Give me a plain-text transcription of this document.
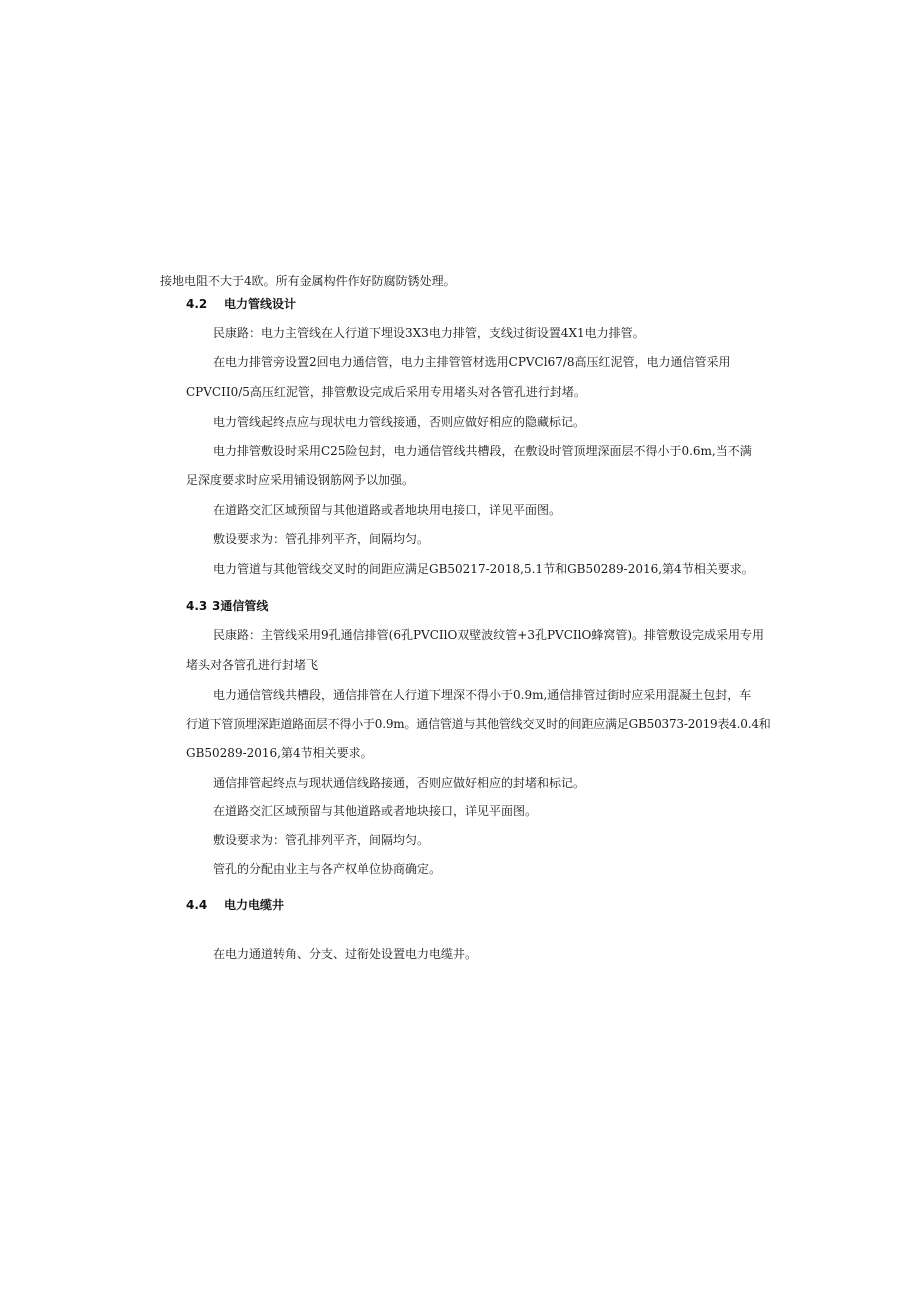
接地电阻不大于4欧。所有金属构件作好防腐防锈处理。
4.2 电力管线设计
民康路：电力主管线在人行道下埋设3X3电力排管，支线过街设置4X1电力排管。
在电力排管旁设置2回电力通信管，电力主排管管材选用CPVCl67/8高压红泥管，电力通信管采用
CPVCII0/5高压红泥管，排管敷设完成后采用专用堵头对各管孔进行封堵。
电力管线起终点应与现状电力管线接通，否则应做好相应的隐藏标记。
电力排管敷设时采用C25险包封，电力通信管线共槽段，在敷设时管顶埋深面层不得小于0.6m,当不满
足深度要求时应采用铺设钢筋网予以加强。
在道路交汇区域预留与其他道路或者地块用电接口，详见平面图。
敷设要求为：管孔排列平齐，间隔均匀。
电力管道与其他管线交叉时的间距应满足GB50217-2018,5.1节和GB50289-2016,第4节相关要求。
4.3 3通信管线
民康路：主管线采用9孔通信排管(6孔PVCIlO双壁波纹管+3孔PVCIlO蜂窝管)。排管敷设完成采用专用
堵头对各管孔进行封堵飞
电力通信管线共槽段，通信排管在人行道下埋深不得小于0.9m,通信排管过街时应采用混凝土包封，车
行道下管顶埋深距道路面层不得小于0.9m。通信管道与其他管线交叉时的间距应满足GB50373-2019表4.0.4和
GB50289-2016,第4节相关要求。
通信排管起终点与现状通信线路接通，否则应做好相应的封堵和标记。
在道路交汇区域预留与其他道路或者地块接口，详见平面图。
敷设要求为：管孔排列平齐，间隔均匀。
管孔的分配由业主与各产权单位协商确定。
4.4 电力电缆井
在电力通道转角、分支、过衔处设置电力电缆井。
